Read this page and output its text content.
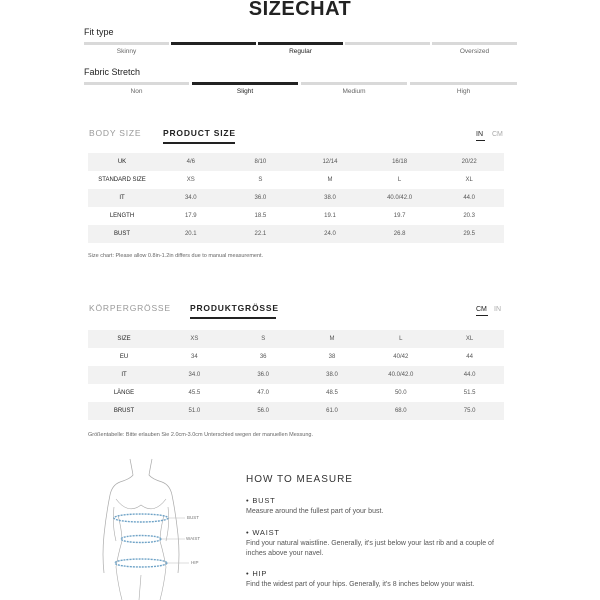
SIZECHAT
Fit type
Skinny	Regular	Oversized
Fabric Stretch
Non	Slight	Medium	High
BODY SIZE	PRODUCT SIZE	IN CM
UK	4/6	8/10	12/14	16/18	20/22
STANDARD SIZE	XS	S	M	L	XL
IT	34.0	36.0	38.0	40.0/42.0	44.0
LENGTH	17.9	18.5	19.1	19.7	20.3
BUST	20.1	22.1	24.0	26.8	29.5
Size chart: Please allow 0.8in-1.2in differs due to manual measurement.
KÖRPERGRÖSSE PRODUKTGRÖSSE	CM IN
SIZE	XS	S	M	L	XL
EU	34	36	38	40/42	44
IT	34.0	36.0	38.0	40.0/42.0	44.0
LÄNGE	45.5	47.0	48.5	50.0	51.5
BRUST	51.0	56.0	61.0	68.0	75.0
Größentabelle: Bitte erlauben Sie 2.0cm-3.0cm Unterschied wegen der manuellen Messung.
BUST
WAIST
HIP
HOW TO MEASURE
• BUST
Measure around the fullest part of your bust.
• WAIST
Find your natural waistline. Generally, it's just below your last rib and a couple of inches above your navel.
• HIP
Find the widest part of your hips. Generally, it's 8 inches below your waist.
